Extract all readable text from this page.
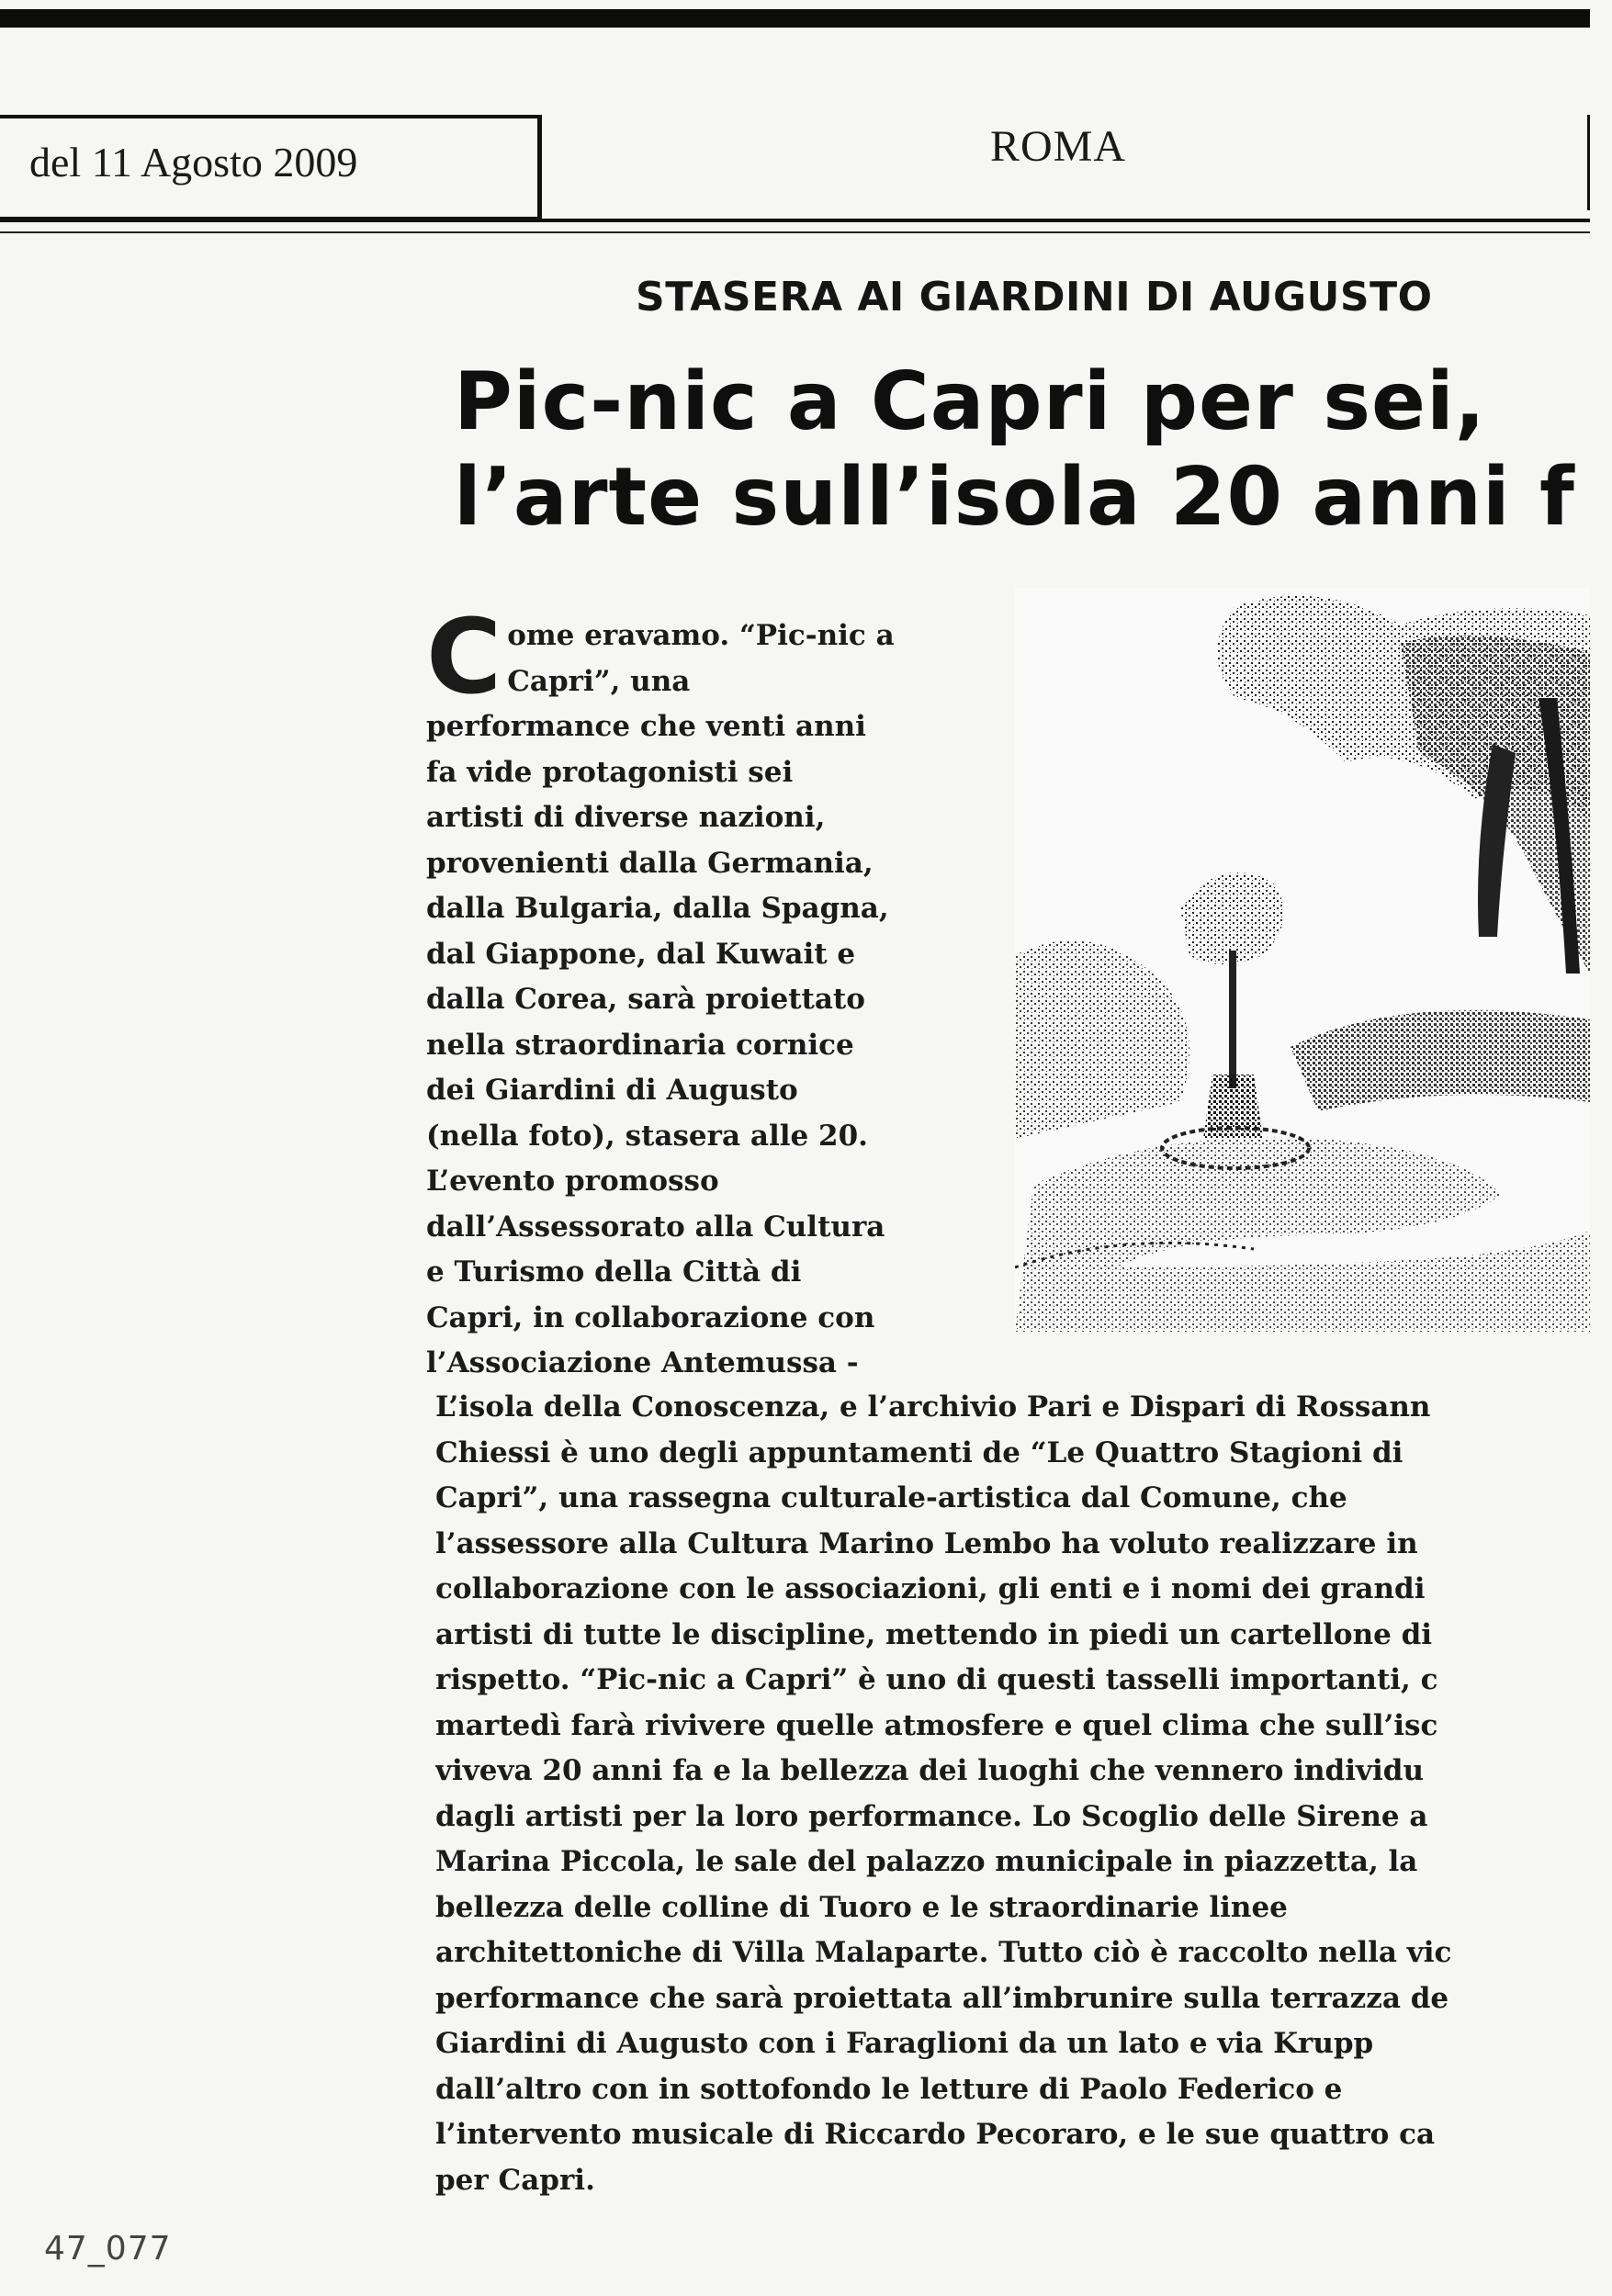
del 11 Agosto 2009	ROMA
STASERA AI GIARDINI DI AUGUSTO
Pic-nic a Capri per sei,
l’arte sull’isola 20 anni f
C ome eravamo. “Pic-nic a
Capri”, una
performance che venti anni
fa vide protagonisti sei
artisti di diverse nazioni,
provenienti dalla Germania,
dalla Bulgaria, dalla Spagna,
dal Giappone, dal Kuwait e
dalla Corea, sarà proiettato
nella straordinaria cornice
dei Giardini di Augusto
(nella foto), stasera alle 20.
L’evento promosso
dall’Assessorato alla Cultura
e Turismo della Città di
Capri, in collaborazione con
l’Associazione Antemussa -
L’isola della Conoscenza, e l’archivio Pari e Dispari di Rossann
Chiessi è uno degli appuntamenti de “Le Quattro Stagioni di
Capri”, una rassegna culturale-artistica dal Comune, che
l’assessore alla Cultura Marino Lembo ha voluto realizzare in
collaborazione con le associazioni, gli enti e i nomi dei grandi
artisti di tutte le discipline, mettendo in piedi un cartellone di
rispetto. “Pic-nic a Capri” è uno di questi tasselli importanti, c
martedì farà rivivere quelle atmosfere e quel clima che sull’isc
viveva 20 anni fa e la bellezza dei luoghi che vennero individu
dagli artisti per la loro performance. Lo Scoglio delle Sirene a
Marina Piccola, le sale del palazzo municipale in piazzetta, la
bellezza delle colline di Tuoro e le straordinarie linee
architettoniche di Villa Malaparte. Tutto ciò è raccolto nella vic
performance che sarà proiettata all’imbrunire sulla terrazza de
Giardini di Augusto con i Faraglioni da un lato e via Krupp
dall’altro con in sottofondo le letture di Paolo Federico e
l’intervento musicale di Riccardo Pecoraro, e le sue quattro ca
per Capri.
47_077
